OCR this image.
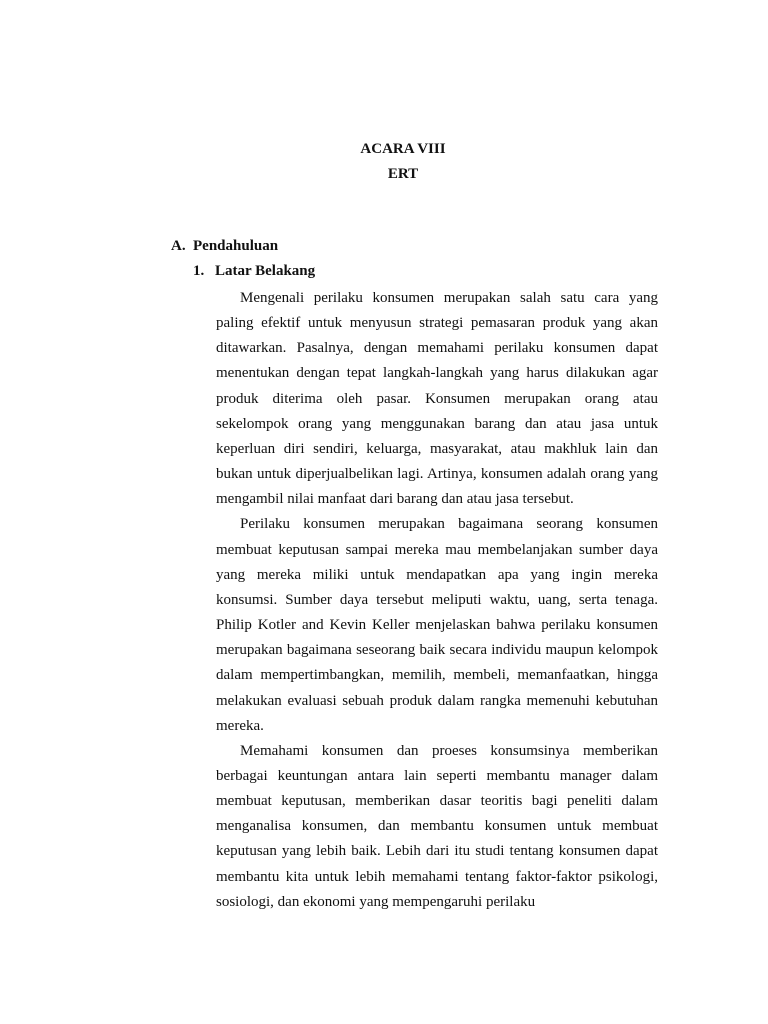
ACARA VIII
ERT
A. Pendahuluan
1. Latar Belakang

Mengenali perilaku konsumen merupakan salah satu cara yang paling efektif untuk menyusun strategi pemasaran produk yang akan ditawarkan. Pasalnya, dengan memahami perilaku konsumen dapat menentukan dengan tepat langkah-langkah yang harus dilakukan agar produk diterima oleh pasar. Konsumen merupakan orang atau sekelompok orang yang menggunakan barang dan atau jasa untuk keperluan diri sendiri, keluarga, masyarakat, atau makhluk lain dan bukan untuk diperjualbelikan lagi. Artinya, konsumen adalah orang yang mengambil nilai manfaat dari barang dan atau jasa tersebut.

Perilaku konsumen merupakan bagaimana seorang konsumen membuat keputusan sampai mereka mau membelanjakan sumber daya yang mereka miliki untuk mendapatkan apa yang ingin mereka konsumsi. Sumber daya tersebut meliputi waktu, uang, serta tenaga. Philip Kotler and Kevin Keller menjelaskan bahwa perilaku konsumen merupakan bagaimana seseorang baik secara individu maupun kelompok dalam mempertimbangkan, memilih, membeli, memanfaatkan, hingga melakukan evaluasi sebuah produk dalam rangka memenuhi kebutuhan mereka.

Memahami konsumen dan proeses konsumsinya memberikan berbagai keuntungan antara lain seperti membantu manager dalam membuat keputusan, memberikan dasar teoritis bagi peneliti dalam menganalisa konsumen, dan membantu konsumen untuk membuat keputusan yang lebih baik. Lebih dari itu studi tentang konsumen dapat membantu kita untuk lebih memahami tentang faktor-faktor psikologi, sosiologi, dan ekonomi yang mempengaruhi perilaku
